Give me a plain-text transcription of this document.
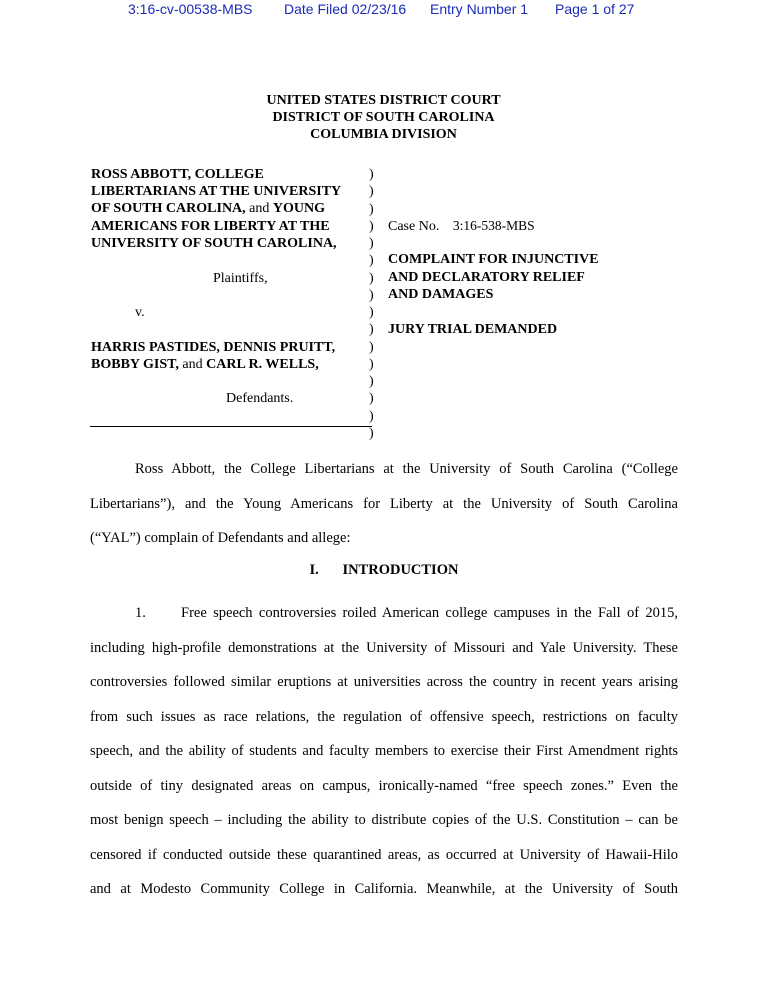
3:16-cv-00538-MBS Date Filed 02/23/16 Entry Number 1 Page 1 of 27
UNITED STATES DISTRICT COURT
DISTRICT OF SOUTH CAROLINA
COLUMBIA DIVISION
ROSS ABBOTT, COLLEGE
LIBERTARIANS AT THE UNIVERSITY
OF SOUTH CAROLINA, and YOUNG
AMERICANS FOR LIBERTY AT THE
UNIVERSITY OF SOUTH CAROLINA,
Plaintiffs,
v.
HARRIS PASTIDES, DENNIS PRUITT,
BOBBY GIST, and CARL R. WELLS,
Defendants.
)
)
)
)
)
)
)
)
)
)
)
)
)
)
)
)
Case No. 3:16-538-MBS
COMPLAINT FOR INJUNCTIVE
AND DECLARATORY RELIEF
AND DAMAGES
JURY TRIAL DEMANDED
Ross Abbott, the College Libertarians at the University of South Carolina (“College
Libertarians”), and the Young Americans for Liberty at the University of South Carolina
(“YAL”) complain of Defendants and allege:
I. INTRODUCTION
1.	Free speech controversies roiled American college campuses in the Fall of 2015,
including high-profile demonstrations at the University of Missouri and Yale University. These
controversies followed similar eruptions at universities across the country in recent years arising
from such issues as race relations, the regulation of offensive speech, restrictions on faculty
speech, and the ability of students and faculty members to exercise their First Amendment rights
outside of tiny designated areas on campus, ironically-named “free speech zones.” Even the
most benign speech – including the ability to distribute copies of the U.S. Constitution – can be
censored if conducted outside these quarantined areas, as occurred at University of Hawaii-Hilo
and at Modesto Community College in California. Meanwhile, at the University of South
